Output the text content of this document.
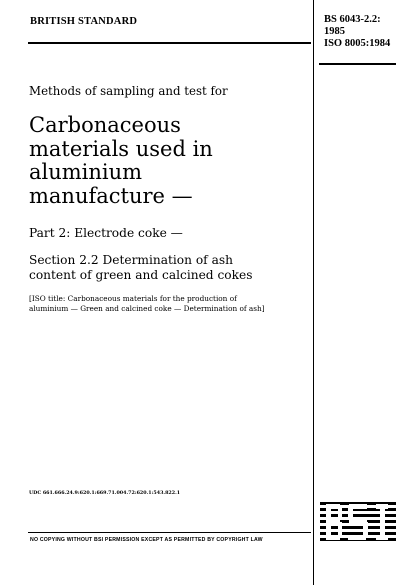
BRITISH STANDARD	BS 6043-2.2:
1985
ISO 8005:1984
Methods of sampling and test for
Carbonaceous
materials used in
aluminium
manufacture —
Part 2: Electrode coke —
Section 2.2 Determination of ash
content of green and calcined cokes
[ISO title: Carbonaceous materials for the production of
aluminium — Green and calcined coke — Determination of ash]
UDC 661.666.24.9:620.1:669.71.004.72:620.1:543.822.1
NO COPYING WITHOUT BSI PERMISSION EXCEPT AS PERMITTED BY COPYRIGHT LAW
